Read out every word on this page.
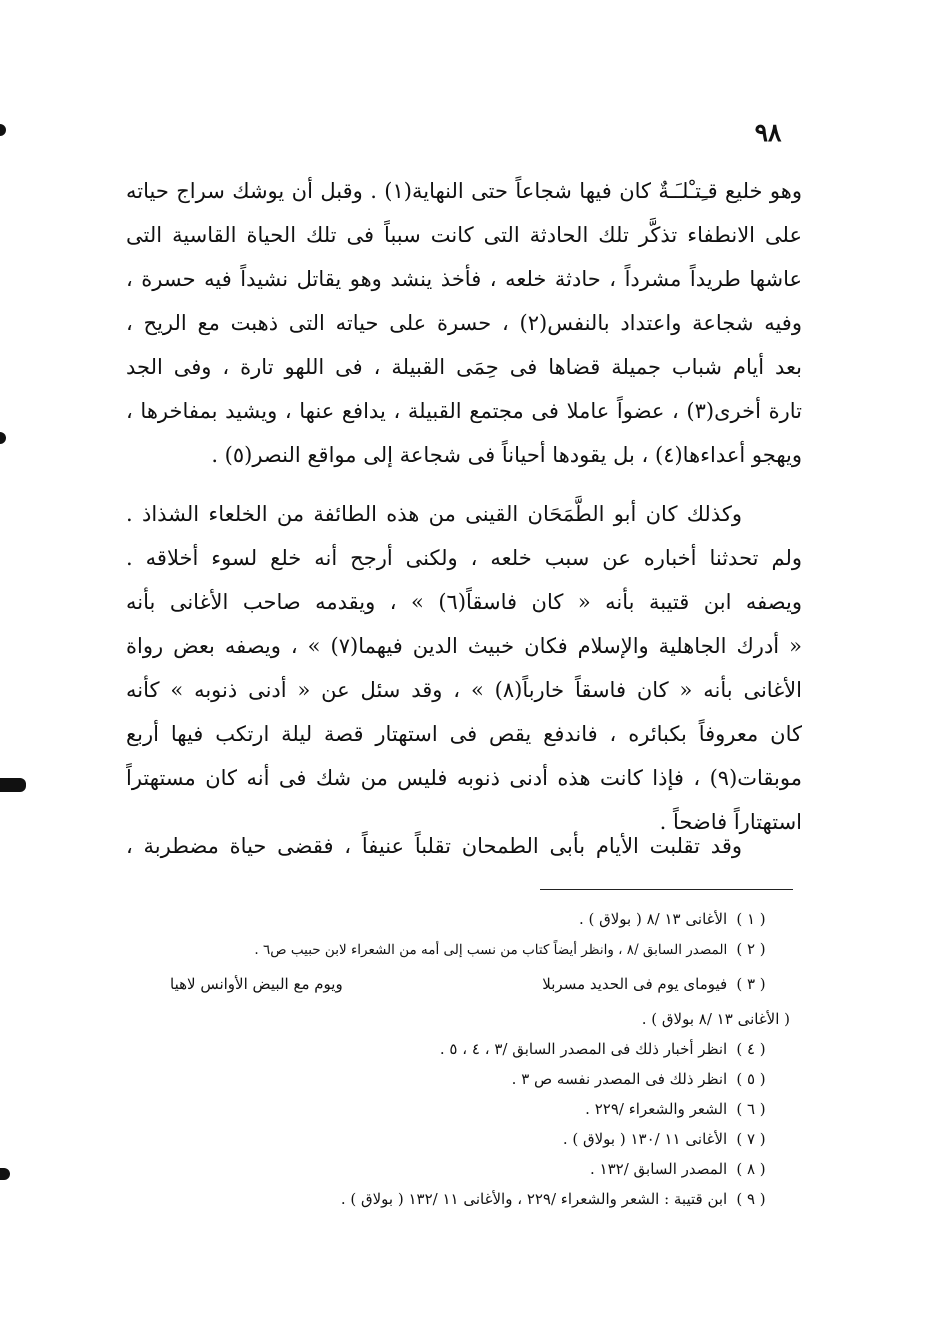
٩٨
وهو خليع قـِتـْلـَـةٌ كان فيها شجاعاً حتى النهاية(١) . وقبل أن يوشك سراج حياته
على الانطفاء تذكَّر تلك الحادثة التى كانت سبباً فى تلك الحياة القاسية التى
عاشها طريداً مشرداً ، حادثة خلعه ، فأخذ ينشد وهو يقاتل نشيداً فيه حسرة ،
وفيه شجاعة واعتداد بالنفس(٢) ، حسرة على حياته التى ذهبت مع الريح ،
بعد أيام شباب جميلة قضاها فى حِمَى القبيلة ، فى اللهو تارة ، وفى الجد
تارة أخرى(٣) ، عضواً عاملا فى مجتمع القبيلة ، يدافع عنها ، ويشيد بمفاخرها ،
ويهجو أعداءها(٤) ، بل يقودها أحياناً فى شجاعة إلى مواقع النصر(٥) .
وكذلك كان أبو الطَّمَحَان القينى من هذه الطائفة من الخلعاء الشذاذ .
ولم تحدثنا أخباره عن سبب خلعه ، ولكنى أرجح أنه خلع لسوء أخلاقه .
ويصفه ابن قتيبة بأنه « كان فاسقاً(٦) » ، ويقدمه صاحب الأغانى بأنه
« أدرك الجاهلية والإسلام فكان خبيث الدين فيهما(٧) » ، ويصفه بعض رواة
الأغانى بأنه « كان فاسقاً خارباً(٨) » ، وقد سئل عن « أدنى ذنوبه » كأنه
كان معروفاً بكبائره ، فاندفع يقص فى استهتار قصة ليلة ارتكب فيها أربع
موبقات(٩) ، فإذا كانت هذه أدنى ذنوبه فليس من شك فى أنه كان مستهتراً
استهتاراً فاضحاً .
وقد تقلبت الأيام بأبى الطمحان تقلباً عنيفاً ، فقضى حياة مضطربة ،
( ١ ) الأغانى ١٣ /٨ ( بولاق ) .
( ٢ ) المصدر السابق /٨ ، وانظر أيضاً كتاب من نسب إلى أمه من الشعراء لابن حبيب ص٦ .
( ٣ ) فيوماى يوم فى الحديد مسربلا
ويوم مع البيض الأوانس لاهيا
( الأغانى ١٣ /٨ بولاق ) .
( ٤ ) انظر أخبار ذلك فى المصدر السابق /٣ ، ٤ ، ٥ .
( ٥ ) انظر ذلك فى المصدر نفسه ص ٣ .
( ٦ ) الشعر والشعراء /٢٢٩ .
( ٧ ) الأغانى ١١ /١٣٠ ( بولاق ) .
( ٨ ) المصدر السابق /١٣٢ .
( ٩ ) ابن قتيبة : الشعر والشعراء /٢٢٩ ، والأغانى ١١ /١٣٢ ( بولاق ) .
